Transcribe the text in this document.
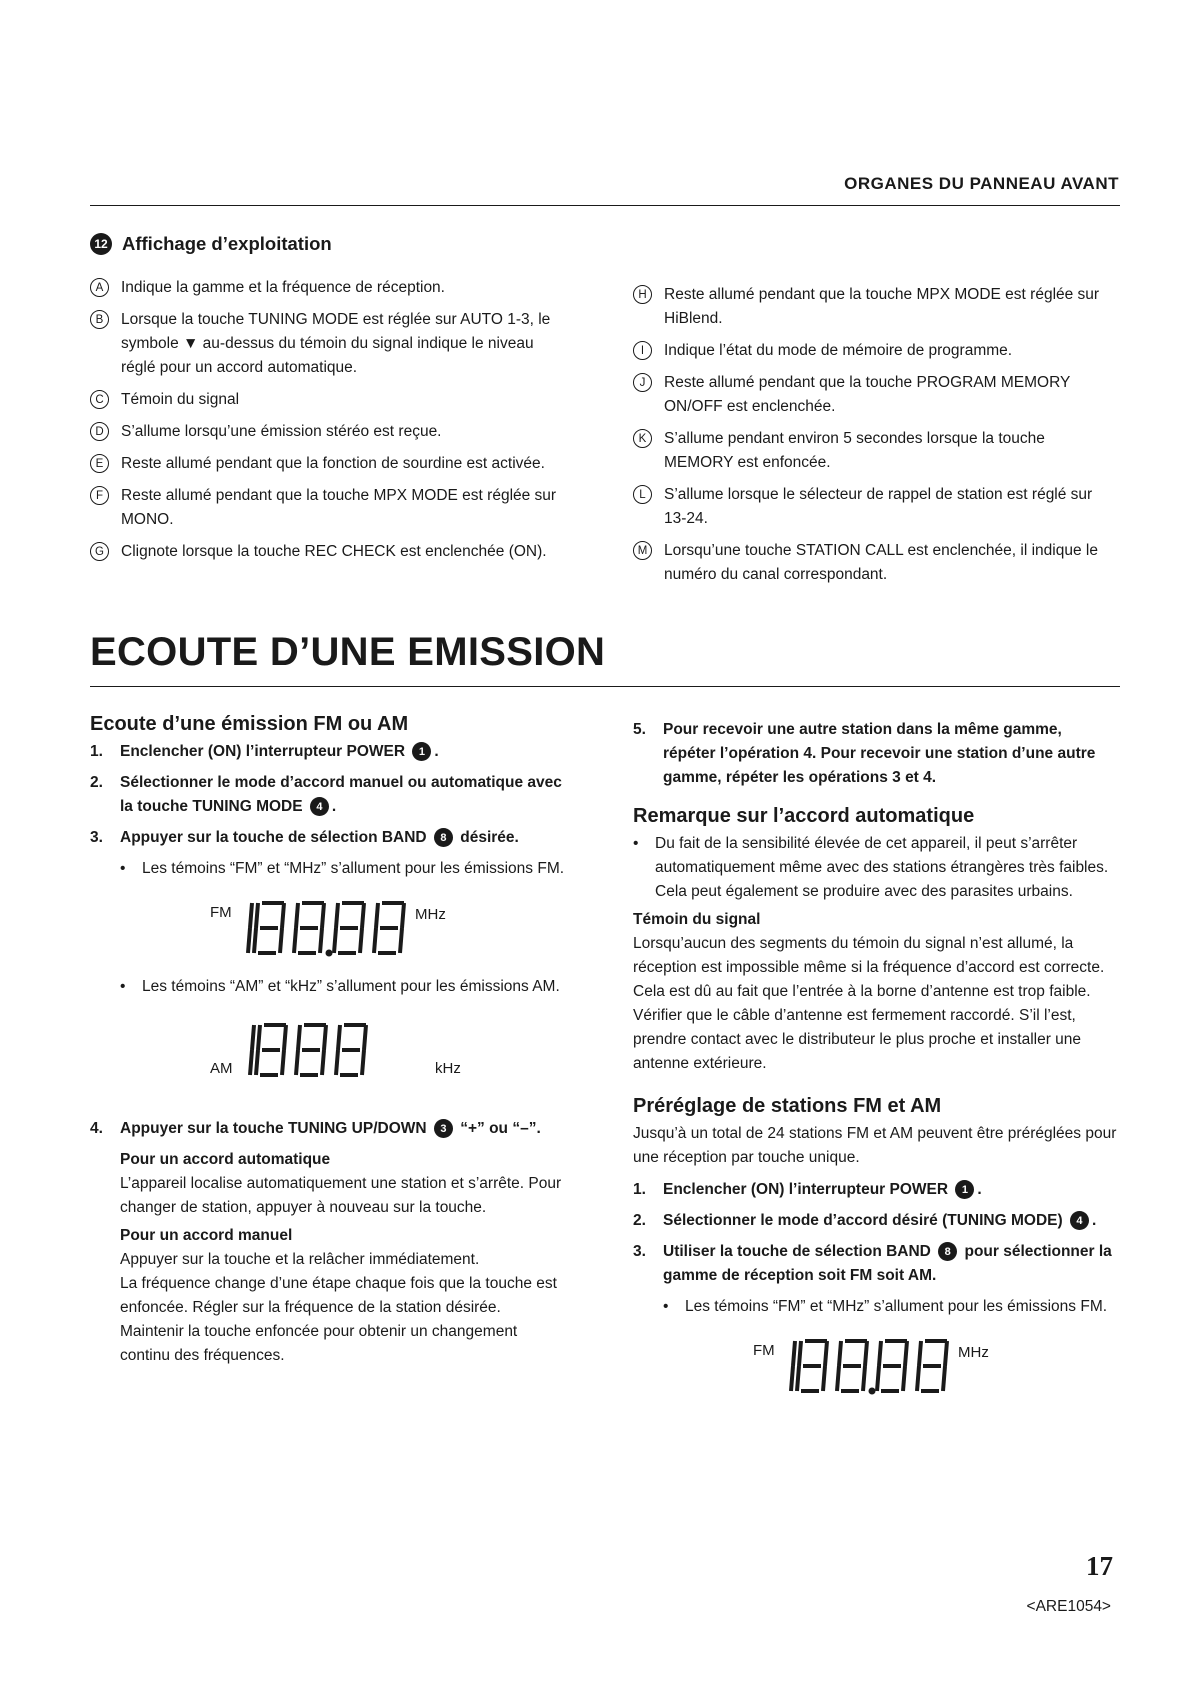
ORGANES DU PANNEAU AVANT
12 Affichage d’exploitation
A	Indique la gamme et la fréquence de réception.
B	Lorsque la touche TUNING MODE est réglée sur AUTO 1-3, le symbole ▼ au-dessus du témoin du signal indique le niveau réglé pour un accord automatique.
C	Témoin du signal
D	S’allume lorsqu’une émission stéréo est reçue.
E	Reste allumé pendant que la fonction de sourdine est activée.
F	Reste allumé pendant que la touche MPX MODE est réglée sur MONO.
G	Clignote lorsque la touche REC CHECK est enclenchée (ON).
H	Reste allumé pendant que la touche MPX MODE est réglée sur HiBlend.
I	Indique l’état du mode de mémoire de programme.
J	Reste allumé pendant que la touche PROGRAM MEMORY ON/OFF est enclenchée.
K	S’allume pendant environ 5 secondes lorsque la touche MEMORY est enfoncée.
L	S’allume lorsque le sélecteur de rappel de station est réglé sur 13-24.
M	Lorsqu’une touche STATION CALL est enclenchée, il indique le numéro du canal correspondant.
ECOUTE D’UNE EMISSION
Ecoute d’une émission FM ou AM
1.	Enclencher (ON) l’interrupteur POWER 1 .
2.	Sélectionner le mode d’accord manuel ou automatique avec la touche TUNING MODE 4 .
3.	Appuyer sur la touche de sélection BAND 8 désirée.
•	Les témoins “FM” et “MHz” s’allument pour les émissions FM.
FM	MHz
•	Les témoins “AM” et “kHz” s’allument pour les émissions AM.
AM	kHz
4.	Appuyer sur la touche TUNING UP/DOWN 3 “+” ou “–”.
Pour un accord automatique

L’appareil localise automatiquement une station et s’arrête. Pour changer de station, appuyer à nouveau sur la touche.

Pour un accord manuel

Appuyer sur la touche et la relâcher immédiatement.

La fréquence change d’une étape chaque fois que la touche est enfoncée. Régler sur la fréquence de la station désirée.

Maintenir la touche enfoncée pour obtenir un changement continu des fréquences.

5.	Pour recevoir une autre station dans la même gamme, répéter l’opération 4. Pour recevoir une station d’une autre gamme, répéter les opérations 3 et 4.
Remarque sur l’accord automatique
•	Du fait de la sensibilité élevée de cet appareil, il peut s’arrêter automatiquement même avec des stations étrangères très faibles. Cela peut également se produire avec des parasites urbains.
Témoin du signal

Lorsqu’aucun des segments du témoin du signal n’est allumé, la réception est impossible même si la fréquence d’accord est correcte. Cela est dû au fait que l’entrée à la borne d’antenne est trop faible. Vérifier que le câble d’antenne est fermement raccordé. S’il l’est, prendre contact avec le distributeur le plus proche et installer une antenne extérieure.

Préréglage de stations FM et AM

Jusqu’à un total de 24 stations FM et AM peuvent être préréglées pour une réception par touche unique.

1.	Enclencher (ON) l’interrupteur POWER 1 .
2.	Sélectionner le mode d’accord désiré (TUNING MODE) 4 .
3.	Utiliser la touche de sélection BAND 8 pour sélectionner la gamme de réception soit FM soit AM.
•	Les témoins “FM” et “MHz” s’allument pour les émissions FM.
FM	MHz
17
<ARE1054>
